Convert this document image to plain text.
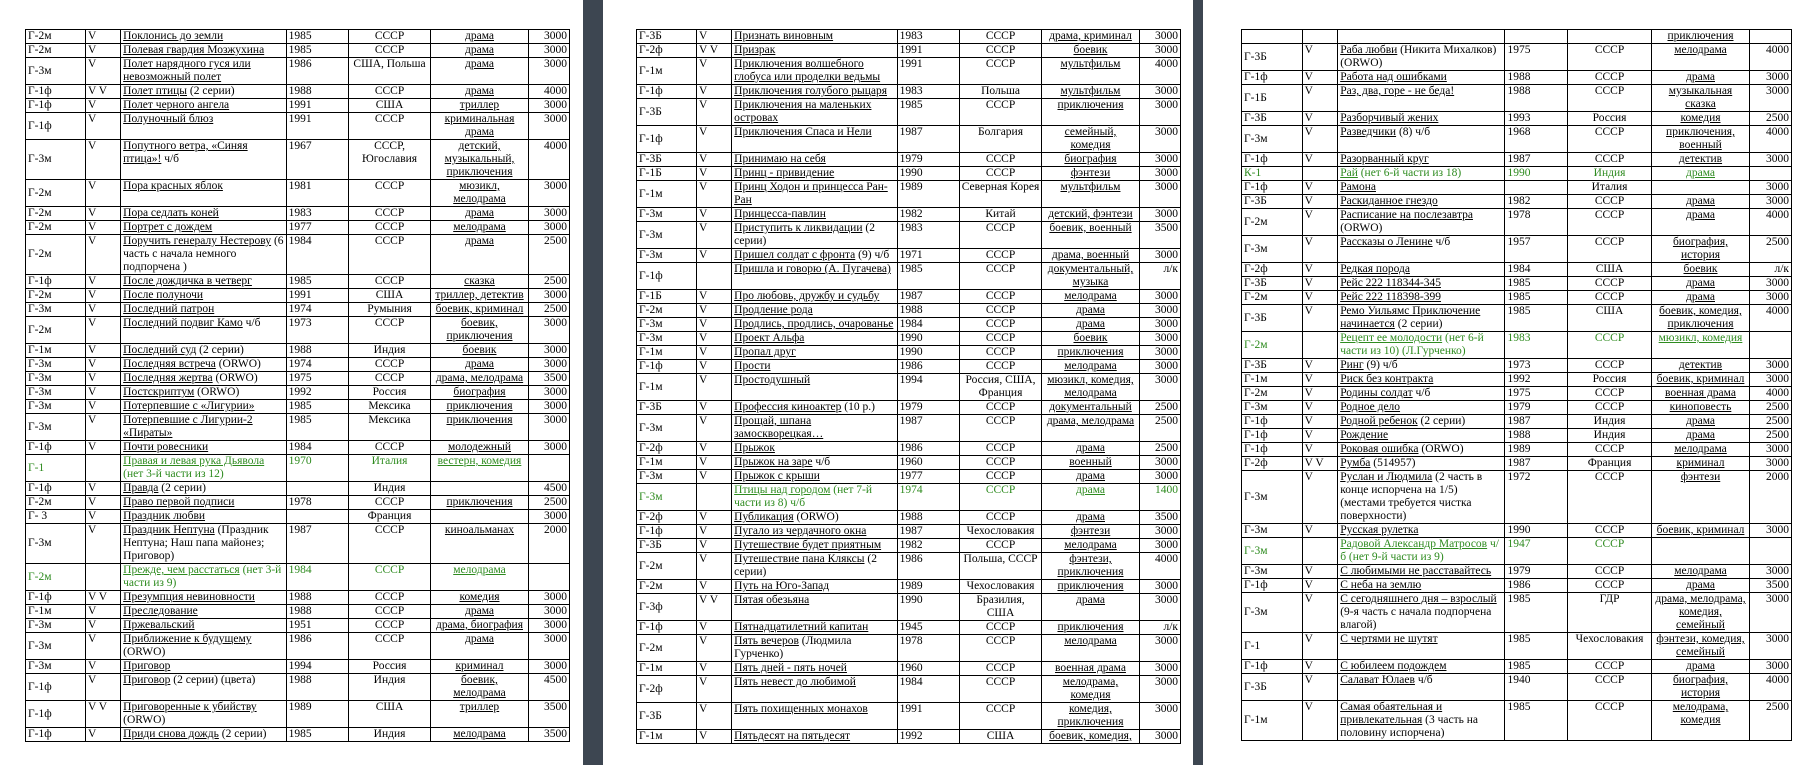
Г-2м	V	Поклонись до земли	1985	СССР	драма	3000
Г-2м	V	Полевая гвардия Мозжухина	1985	СССР	драма	3000
Г-3м	V	Полет нарядного гуся или невозможный полет	1986	США, Польша	драма	3000
Г-1ф	V V	Полет птицы (2 серии)	1988	СССР	драма	4000
Г-1ф	V	Полет черного ангела	1991	США	триллер	3000
Г-1ф	V	Полуночный блюз	1991	СССР	криминальная драма	3000
Г-3м	V	Попутного ветра, «Синяя птица»! ч/б	1967	СССР, Югославия	детский, музыкальный, приключения	4000
Г-2м	V	Пора красных яблок	1981	СССР	мюзикл, мелодрама	3000
Г-2м	V	Пора седлать коней	1983	СССР	драма	3000
Г-2м	V	Портрет с дождем	1977	СССР	мелодрама	3000
Г-2м	V	Поручить генералу Нестерову (6 часть с начала немного подпорчена )	1984	СССР	драма	2500
Г-1ф	V	После дождичка в четверг	1985	СССР	сказка	2500
Г-2м	V	После полуночи	1991	США	триллер, детектив	3000
Г-3м	V	Последний патрон	1974	Румыния	боевик, криминал	2500
Г-2м	V	Последний подвиг Камо ч/б	1973	СССР	боевик, приключения	3000
Г-1м	V	Последний суд (2 серии)	1988	Индия	боевик	3000
Г-3м	V	Последняя встреча (ORWO)	1974	СССР	драма	3000
Г-3м	V	Последняя жертва (ORWO)	1975	СССР	драма, мелодрама	3500
Г-3м	V	Постскриптум (ORWO)	1992	Россия	биография	3000
Г-3м	V	Потерпевшие с «Лигурии»	1985	Мексика	приключения	3000
Г-3м	V	Потерпевшие с Лигурии-2 «Пираты»	1985	Мексика	приключения	3000
Г-1ф	V	Почти ровесники	1984	СССР	молодежный	3000
Г-1		Правая и левая рука Дьявола (нет 3-й части из 12)	1970	Италия	вестерн, комедия	
Г-1ф	V	Правда (2 серии)		Индия		4500
Г-2м	V	Право первой подписи	1978	СССР	приключения	2500
Г- 3	V	Праздник любви		Франция		3000
Г-3м	V	Праздник Нептуна (Праздник Нептуна; Наш папа майонез; Приговор)	1987	СССР	киноальманах	2000
Г-2м		Прежде, чем расстаться (нет 3-й части из 9)	1984	СССР	мелодрама	
Г-1ф	V V	Презумпция невиновности	1988	СССР	комедия	3000
Г-1м	V	Преследование	1988	СССР	драма	3000
Г-3м	V	Пржевальский	1951	СССР	драма, биография	3000
Г-3м	V	Приближение к будущему (ORWO)	1986	СССР	драма	3000
Г-3м	V	Приговор	1994	Россия	криминал	3000
Г-1ф	V	Приговор (2 серии) (цвета)	1988	Индия	боевик, мелодрама	4500
Г-1ф	V V	Приговоренные к убийству (ORWO)	1989	США	триллер	3500
Г-1ф	V	Приди снова дождь (2 серии)	1985	Индия	мелодрама	3500
Г-3Б	V	Признать виновным	1983	СССР	драма, криминал	3000
Г-2ф	V V	Призрак	1991	СССР	боевик	3000
Г-1м	V	Приключения волшебного глобуса или проделки ведьмы	1991	СССР	мультфильм	4000
Г-1ф	V	Приключения голубого рыцаря	1983	Польша	мультфильм	3000
Г-3Б	V	Приключения на маленьких островах	1985	СССР	приключения	3000
Г-1ф	V	Приключения Спаса и Нели	1987	Болгария	семейный, комедия	3000
Г-3Б	V	Принимаю на себя	1979	СССР	биография	3000
Г-1Б	V	Принц - привидение	1990	СССР	фэнтези	3000
Г-1м	V	Принц Ходон и принцесса Ран-Ран	1989	Северная Корея	мультфильм	3000
Г-3м	V	Принцесса-павлин	1982	Китай	детский, фэнтези	3000
Г-3м	V	Приступить к ликвидации (2 серии)	1983	СССР	боевик, военный	3500
Г-3м	V	Пришел солдат с фронта (9) ч/б	1971	СССР	драма, военный	3000
Г-1ф		Пришла и говорю (А. Пугачева)	1985	СССР	документальный, музыка	л/к
Г-1Б	V	Про любовь, дружбу и судьбу	1987	СССР	мелодрама	3000
Г-2м	V	Продление рода	1988	СССР	драма	3000
Г-3м	V	Продлись, продлись, очарованье	1984	СССР	драма	3000
Г-3м	V	Проект Альфа	1990	СССР	боевик	3000
Г-1м	V	Пропал друг	1990	СССР	приключения	3000
Г-1ф	V	Прости	1986	СССР	мелодрама	3000
Г-1м	V	Простодушный	1994	Россия, США, Франция	мюзикл, комедия, мелодрама	3000
Г-3Б	V	Профессия киноактер (10 р.)	1979	СССР	документальный	2500
Г-3м	V	Прощай, шпана замоскворецкая…	1987	СССР	драма, мелодрама	2500
Г-2ф	V	Прыжок	1986	СССР	драма	2500
Г-1м	V	Прыжок на заре ч/б	1960	СССР	военный	3000
Г-3м	V	Прыжок с крыши	1977	СССР	драма	3000
Г-3м		Птицы над городом (нет 7-й части из 8) ч/б	1974	СССР	драма	1400
Г-2ф	V	Публикация (ORWO)	1988	СССР	драма	3500
Г-1ф	V	Пугало из чердачного окна	1987	Чехословакия	фэнтези	3000
Г-3Б	V	Путешествие будет приятным	1982	СССР	мелодрама	3000
Г-2м	V	Путешествие пана Кляксы (2 серии)	1986	Польша, СССР	фэнтези, приключения	4000
Г-2м	V	Путь на Юго-Запад	1989	Чехословакия	приключения	3000
Г-3ф	V V	Пятая обезьяна	1990	Бразилия, США	драма	3000
Г-1ф	V	Пятнадцатилетний капитан	1945	СССР	приключения	л/к
Г-2м	V	Пять вечеров (Людмила Гурченко)	1978	СССР	мелодрама	3000
Г-1м	V	Пять дней - пять ночей	1960	СССР	военная драма	3000
Г-2ф	V	Пять невест до любимой	1984	СССР	мелодрама, комедия	3000
Г-3Б	V	Пять похищенных монахов	1991	СССР	комедия, приключения	3000
Г-1м	V	Пятьдесят на пятьдесят	1992	США	боевик, комедия,	3000
					приключения	
Г-3Б	V	Раба любви (Никита Михалков) (ORWO)	1975	СССР	мелодрама	4000
Г-1ф	V	Работа над ошибками	1988	СССР	драма	3000
Г-1Б	V	Раз, два, горе - не беда!	1988	СССР	музыкальная сказка	3000
Г-3Б	V	Разборчивый жених	1993	Россия	комедия	2500
Г-3м	V	Разведчики (8) ч/б	1968	СССР	приключения, военный	4000
Г-1ф	V	Разорванный круг	1987	СССР	детектив	3000
К-1		Рай (нет 6-й части из 18)	1990	Индия	драма	
Г-1ф	V	Рамона		Италия		3000
Г-3Б	V	Раскиданное гнездо	1982	СССР	драма	3000
Г-2м	V	Расписание на послезавтра (ORWO)	1978	СССР	драма	4000
Г-3м	V	Рассказы о Ленине ч/б	1957	СССР	биография, история	2500
Г-2ф	V	Редкая порода	1984	США	боевик	л/к
Г-3Б	V	Рейс 222 118344-345	1985	СССР	драма	3000
Г-2м	V	Рейс 222 118398-399	1985	СССР	драма	3000
Г-3Б	V	Ремо Уильямс Приключение начинается (2 серии)	1985	США	боевик, комедия, приключения	4000
Г-2м		Рецепт ее молодости (нет 6-й части из 10) (Л.Гурченко)	1983	СССР	мюзикл, комедия	
Г-3Б	V	Ринг (9) ч/б	1973	СССР	детектив	3000
Г-1м	V	Риск без контракта	1992	Россия	боевик, криминал	3000
Г-2м	V	Родины солдат ч/б	1975	СССР	военная драма	4000
Г-3м	V	Родное дело	1979	СССР	киноповесть	2500
Г-1ф	V	Родной ребенок (2 серии)	1987	Индия	драма	2500
Г-1ф	V	Рождение	1988	Индия	драма	2500
Г-1ф	V	Роковая ошибка (ORWO)	1989	СССР	мелодрама	3000
Г-2ф	V V	Румба (514957)	1987	Франция	криминал	3000
Г-3м	V	Руслан и Людмила (2 часть в конце испорчена на 1/5) (местами требуется чистка поверхности)	1972	СССР	фэнтези	2000
Г-3м	V	Русская рулетка	1990	СССР	боевик, криминал	3000
Г-3м		Радовой Александр Матросов ч/б (нет 9-й части из 9)	1947	СССР		
Г-3м	V	С любимыми не расставайтесь	1979	СССР	мелодрама	3000
Г-1ф	V	С неба на землю	1986	СССР	драма	3500
Г-3м	V	С сегодняшнего дня – взрослый (9-я часть с начала подпорчена влагой)	1985	ГДР	драма, мелодрама, комедия, семейный	3000
Г-1	V	С чертями не шутят	1985	Чехословакия	фэнтези, комедия, семейный	3000
Г-1ф	V	С юбилеем подождем	1985	СССР	драма	3000
Г-3Б	V	Салават Юлаев ч/б	1940	СССР	биография, история	4000
Г-1м	V	Самая обаятельная и привлекательная (3 часть на половину испорчена)	1985	СССР	мелодрама, комедия	2500
